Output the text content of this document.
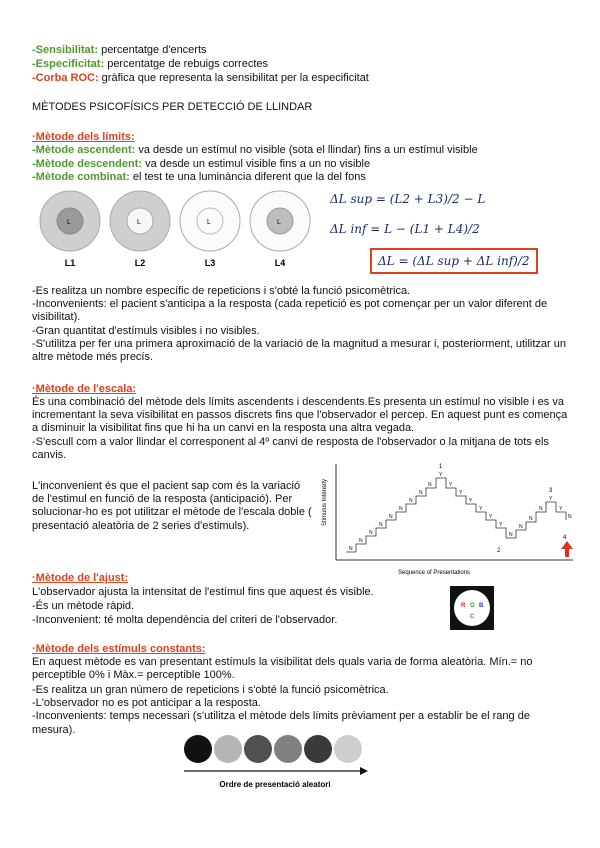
-Sensibilitat: percentatge d'encerts
-Especificitat: percentatge de rebuigs correctes
-Corba ROC: gràfica que representa la sensibilitat per la especificitat
MÈTODES PSICOFÍSICS PER DETECCIÓ DE LLINDAR
·Mètode dels límits:
-Mètode ascendent: va desde un estímul no visible (sota el llindar) fins a un estímul visible
-Mètode descendent: va desde un estimul visible fins a un no visible
-Mètode combinat: el test te una luminància diferent que la del fons
L
L1
L
L2
L
L3
L
L4
ΔL sup = (L2 + L3)/2 − L
ΔL inf = L − (L1 + L4)/2
ΔL = (ΔL sup + ΔL inf)/2
-Es realitza un nombre específic de repeticions i s'obté la funció psicomètrica.
-Inconvenients: el pacient s'anticipa a la resposta (cada repetició es pot començar per un valor diferent de visibilitat).
-Gran quantitat d'estímuls visibles i no visibles.
-S'utilitza per fer una primera aproximació de la variació de la magnitud a mesurar i, posteriorment, utilitzar un altre mètode més precís.
·Mètode de l'escala:
És una combinació del mètode dels límits ascendents i descendents.Es presenta un estímul no visible i es va incrementant la seva visibilitat en passos discrets fins que l'observador el percep. En aquest punt es comença a disminuir la visibilitat fins que hi ha un canvi en la resposta una altra vegada.
-S'escull com a valor llindar el corresponent al 4º canvi de resposta de l'observador o la mitjana de tots els canvis.
L'inconvenient és que el pacient sap com és la variació de l'estimul en funció de la resposta (anticipació). Per solucionar-ho es pot utilitzar el mètode de l'escala doble ( presentació aleatòria de 2 series d'estimuls).	Stimulus Intensity
Sequence of Presentations
N
N
N
N
N
N
N
N
N
Y
Y
Y
Y
Y
Y
Y
N
N
N
N
Y
Y
N
1
2
3
4
·Mètode de l'ajust:
L'observador ajusta la intensitat de l'estímul fins que aquest és visible.
-És un mètode ràpid.
-Inconvenient: té molta dependència del criteri de l'observador.
R G B
C
·Mètode dels estímuls constants:
En aquest mètode es van presentant estímuls la visibilitat dels quals varia de forma aleatòria. Mín.= no perceptible 0% i Màx.= perceptible 100%.
-Es realitza un gran número de repeticions i s'obté la funció psicomètrica.
-L'observador no es pot anticipar a la resposta.
-Inconvenients: temps necessari (s'utilitza el mètode dels límits prèviament per a establir be el rang de mesura).
Ordre de presentació aleatori
